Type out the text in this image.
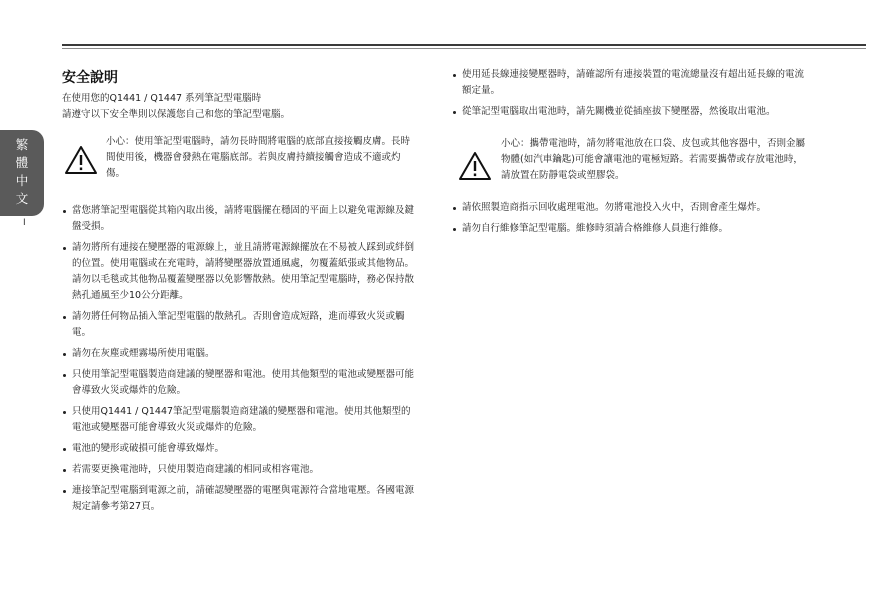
繁
體
中
文
I
安全說明

在使用您的Q1441 / Q1447 系列筆記型電腦時

請遵守以下安全準則以保護您自己和您的筆記型電腦。

小心：使用筆記型電腦時，請勿長時間將電腦的底部直接接觸皮膚。長時間使用後，機器會發熱在電腦底部。若與皮膚持續接觸會造成不適或灼傷。
當您將筆記型電腦從其箱內取出後，請將電腦擺在穩固的平面上以避免電源線及鍵盤受損。
請勿將所有連接在變壓器的電源線上，並且請將電源線擺放在不易被人踩到或絆倒的位置。使用電腦或在充電時，請將變壓器放置通風處，勿覆蓋紙張或其他物品。請勿以毛毯或其他物品覆蓋變壓器以免影響散熱。使用筆記型電腦時，務必保持散熱孔通風至少10公分距離。
請勿將任何物品插入筆記型電腦的散熱孔。否則會造成短路，進而導致火災或觸電。
請勿在灰塵或煙霧場所使用電腦。
只使用筆記型電腦製造商建議的變壓器和電池。使用其他類型的電池或變壓器可能會導致火災或爆炸的危險。
只使用Q1441 / Q1447筆記型電腦製造商建議的變壓器和電池。使用其他類型的電池或變壓器可能會導致火災或爆炸的危險。
電池的變形或破損可能會導致爆炸。
若需要更換電池時，只使用製造商建議的相同或相容電池。
連接筆記型電腦到電源之前，請確認變壓器的電壓與電源符合當地電壓。各國電源規定請參考第27頁。
使用延長線連接變壓器時，請確認所有連接裝置的電流總量沒有超出延長線的電流額定量。
從筆記型電腦取出電池時，請先關機並從插座拔下變壓器，然後取出電池。
小心：攜帶電池時，請勿將電池放在口袋、皮包或其他容器中，否則金屬物體(如汽車鑰匙)可能會讓電池的電極短路。若需要攜帶或存放電池時，請放置在防靜電袋或塑膠袋。
請依照製造商指示回收處理電池。勿將電池投入火中，否則會產生爆炸。
請勿自行維修筆記型電腦。維修時須請合格維修人員進行維修。
